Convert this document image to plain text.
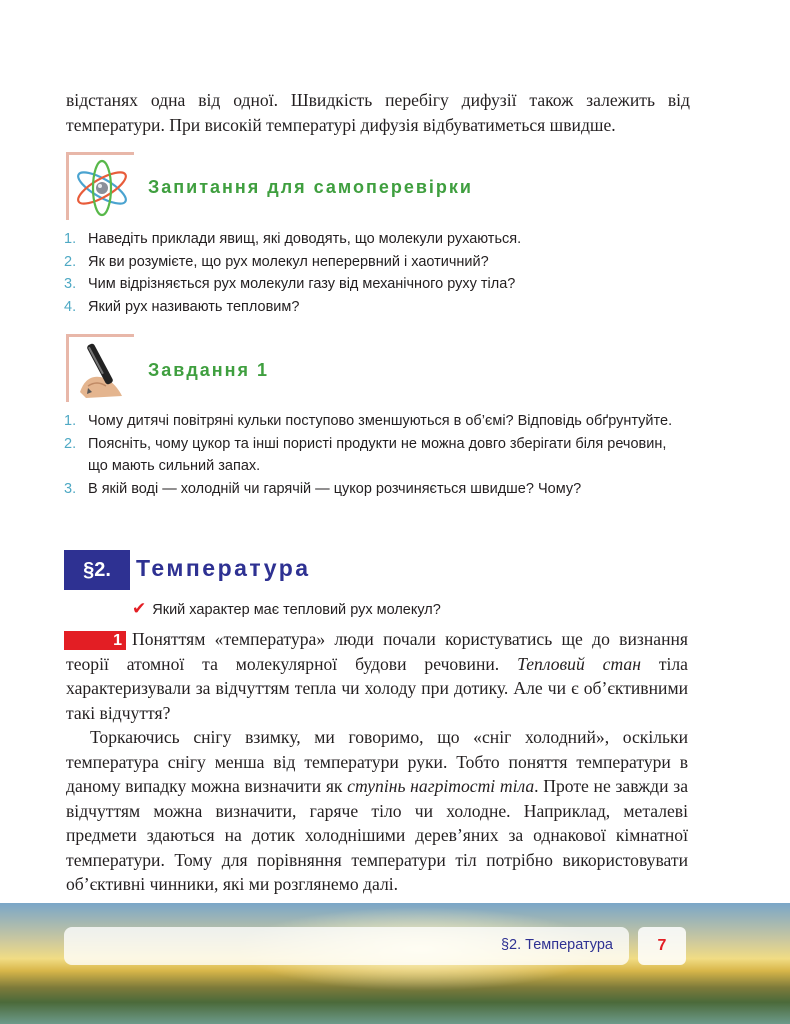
відстанях одна від одної. Швидкість перебігу дифузії також залежить від температури. При високій температурі дифузія відбуватиметься швидше.

Запитання для самоперевірки
1. Наведіть приклади явищ, які доводять, що молекули рухаються.
2. Як ви розумієте, що рух молекул неперервний і хаотичний?
3. Чим відрізняється рух молекули газу від механічного руху тіла?
4. Який рух називають тепловим?
Завдання 1
1. Чому дитячі повітряні кульки поступово зменшуються в об’ємі? Відповідь обґрунтуйте.
2. Поясніть, чому цукор та інші пористі продукти не можна довго зберігати біля речовин, що мають сильний запах.
3. В якій воді — холодній чи гарячій — цукор розчиняється швидше? Чому?
§2.	Температура
✔ Який характер має тепловий рух молекул?
1 Поняттям «температура» люди почали користуватись ще до визнання теорії атомної та молекулярної будови речовини. Тепловий стан тіла характеризували за відчуттям тепла чи холоду при дотику. Але чи є об’єктивними такі відчуття?

Торкаючись снігу взимку, ми говоримо, що «сніг холодний», оскільки температура снігу менша від температури руки. Тобто поняття температури в даному випадку можна визначити як ступінь нагрітості тіла. Проте не завжди за відчуттям можна визначити, гаряче тіло чи холодне. Наприклад, металеві предмети здаються на дотик холоднішими дерев’яних за однакової кімнатної температури. Тому для порівняння температури тіл потрібно використовувати об’єктивні чинники, які ми розглянемо далі.

§2. Температура	7
